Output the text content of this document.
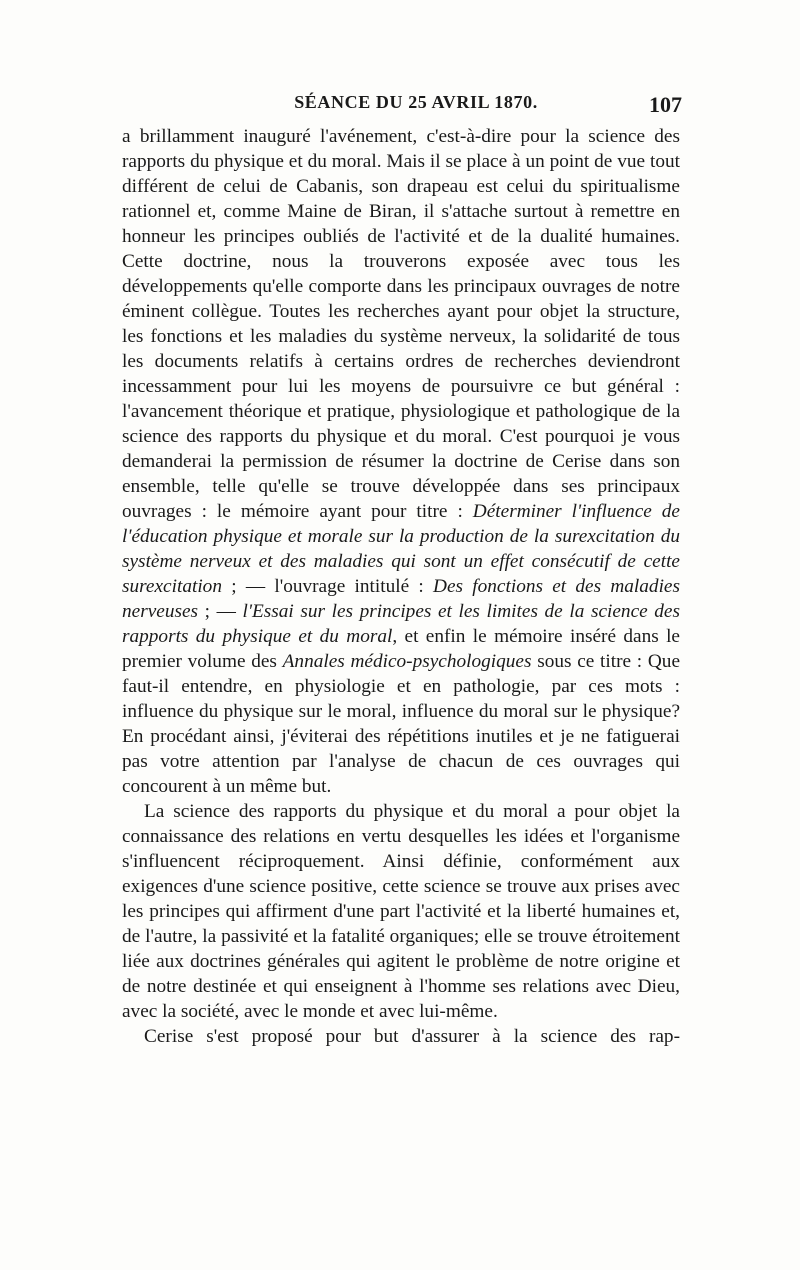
SÉANCE DU 25 AVRIL 1870.	107

a brillamment inauguré l'avénement, c'est-à-dire pour la science des rapports du physique et du moral. Mais il se place à un point de vue tout différent de celui de Cabanis, son drapeau est celui du spiritualisme rationnel et, comme Maine de Biran, il s'attache surtout à remettre en honneur les principes oubliés de l'activité et de la dualité humaines. Cette doctrine, nous la trouverons exposée avec tous les développements qu'elle comporte dans les principaux ouvrages de notre éminent collègue. Toutes les recherches ayant pour objet la structure, les fonctions et les maladies du système nerveux, la solidarité de tous les documents relatifs à certains ordres de recherches deviendront incessamment pour lui les moyens de poursuivre ce but général : l'avancement théorique et pratique, physiologique et pathologique de la science des rapports du physique et du moral. C'est pourquoi je vous demanderai la permission de résumer la doctrine de Cerise dans son ensemble, telle qu'elle se trouve développée dans ses principaux ouvrages : le mémoire ayant pour titre : Déterminer l'influence de l'éducation physique et morale sur la production de la surexcitation du système nerveux et des maladies qui sont un effet consécutif de cette surexcitation ; — l'ouvrage intitulé : Des fonctions et des maladies nerveuses ; — l'Essai sur les principes et les limites de la science des rapports du physique et du moral, et enfin le mémoire inséré dans le premier volume des Annales médico-psychologiques sous ce titre : Que faut-il entendre, en physiologie et en pathologie, par ces mots : influence du physique sur le moral, influence du moral sur le physique? En procédant ainsi, j'éviterai des répétitions inutiles et je ne fatiguerai pas votre attention par l'analyse de chacun de ces ouvrages qui concourent à un même but.

La science des rapports du physique et du moral a pour objet la connaissance des relations en vertu desquelles les idées et l'organisme s'influencent réciproquement. Ainsi définie, conformément aux exigences d'une science positive, cette science se trouve aux prises avec les principes qui affirment d'une part l'activité et la liberté humaines et, de l'autre, la passivité et la fatalité organiques; elle se trouve étroitement liée aux doctrines générales qui agitent le problème de notre origine et de notre destinée et qui enseignent à l'homme ses relations avec Dieu, avec la société, avec le monde et avec lui-même.

Cerise s'est proposé pour but d'assurer à la science des rap-
